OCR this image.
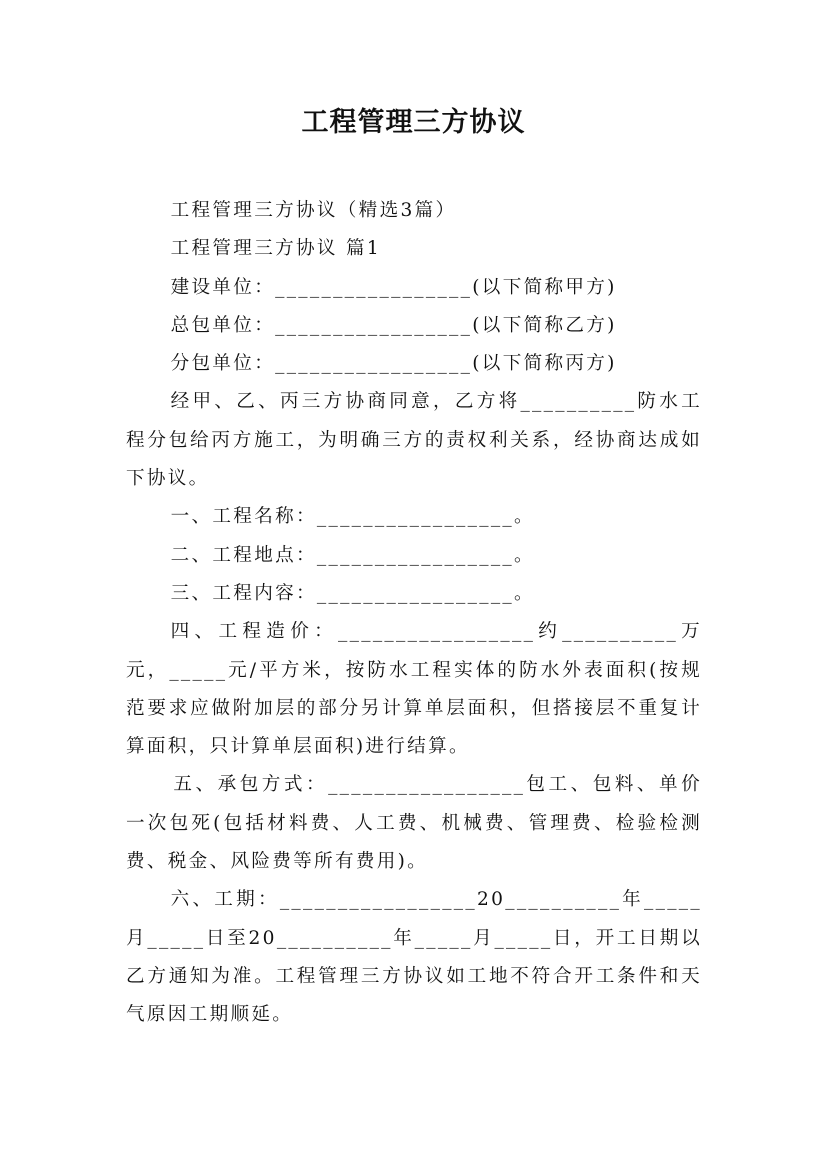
工程管理三方协议

工程管理三方协议（精选3篇）

工程管理三方协议 篇1

建设单位：_________________(以下简称甲方)

总包单位：_________________(以下简称乙方)

分包单位：_________________(以下简称丙方)

经甲、乙、丙三方协商同意，乙方将__________防水工程分包给丙方施工，为明确三方的责权利关系，经协商达成如下协议。

一、工程名称：_________________。

二、工程地点：_________________。

三、工程内容：_________________。

四、工程造价：_________________约__________万元，_____元/平方米，按防水工程实体的防水外表面积(按规范要求应做附加层的部分另计算单层面积，但搭接层不重复计算面积，只计算单层面积)进行结算。

五、承包方式：_________________包工、包料、单价一次包死(包括材料费、人工费、机械费、管理费、检验检测费、税金、风险费等所有费用)。

六、工期：_________________20__________年_____月_____日至20__________年_____月_____日，开工日期以乙方通知为准。工程管理三方协议如工地不符合开工条件和天气原因工期顺延。
